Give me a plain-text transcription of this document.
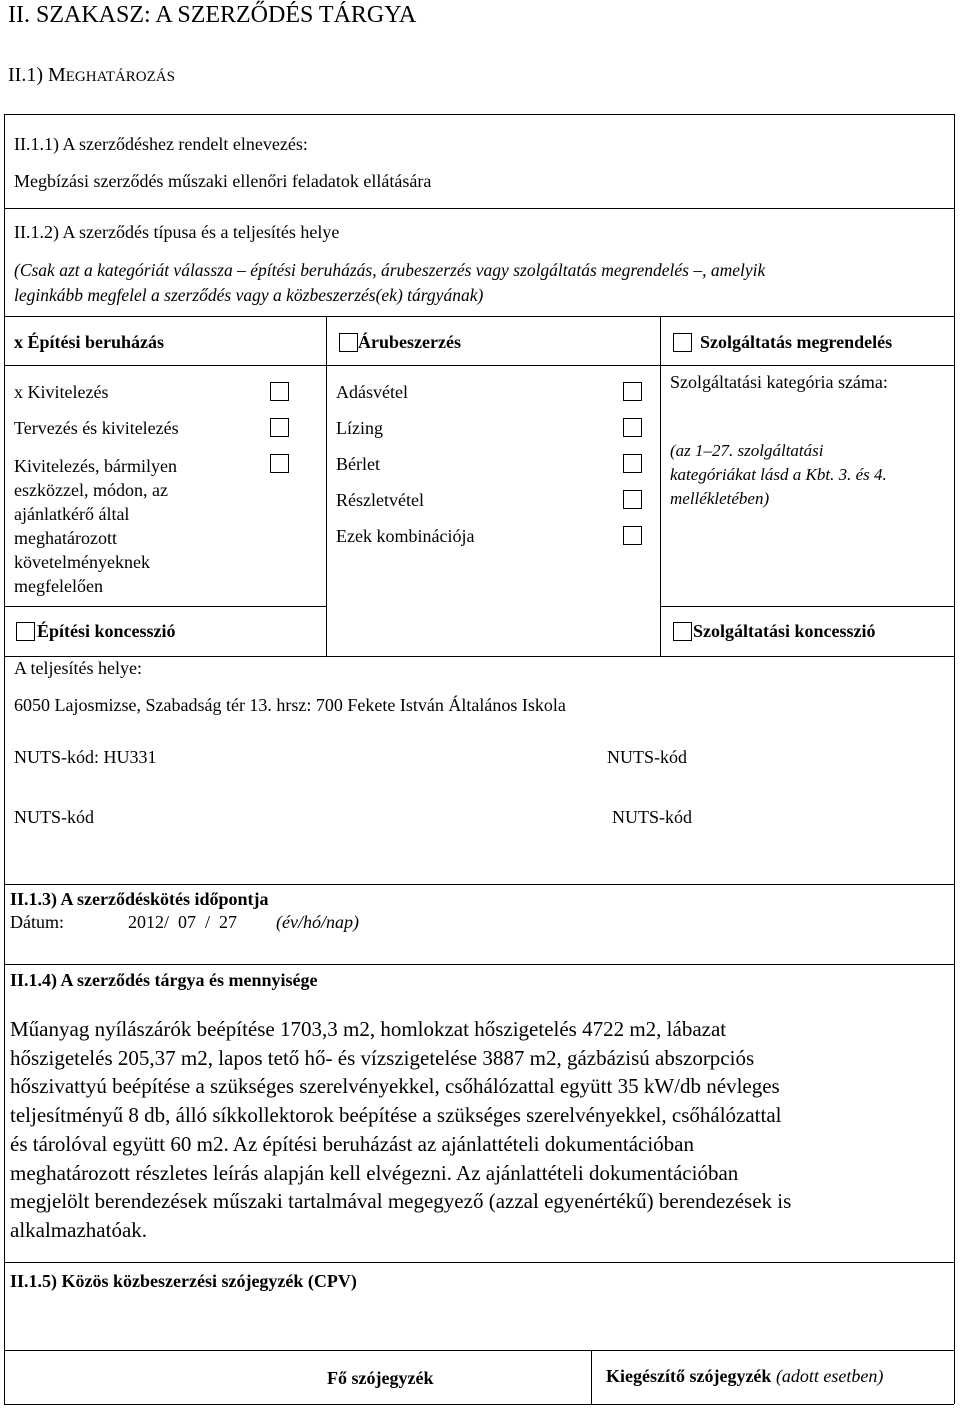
II. SZAKASZ: A SZERZŐDÉS TÁRGYA
II.1) MEGHATÁROZÁS
II.1.1) A szerződéshez rendelt elnevezés:
Megbízási szerződés műszaki ellenőri feladatok ellátására
II.1.2) A szerződés típusa és a teljesítés helye
(Csak azt a kategóriát válassza – építési beruházás, árubeszerzés vagy szolgáltatás megrendelés –, amelyik
leginkább megfelel a szerződés vagy a közbeszerzés(ek) tárgyának)
x Építési beruházás	Árubeszerzés	Szolgáltatás megrendelés
x Kivitelezés
Tervezés és kivitelezés
Kivitelezés, bármilyen
eszközzel, módon, az
ajánlatkérő által
meghatározott
követelményeknek
megfelelően
Adásvétel
Lízing
Bérlet
Részletvétel
Ezek kombinációja
Szolgáltatási kategória száma:
(az 1–27. szolgáltatási
kategóriákat lásd a Kbt. 3. és 4.
mellékletében)
Építési koncesszió	Szolgáltatási koncesszió
A teljesítés helye:
6050 Lajosmizse, Szabadság tér 13. hrsz: 700 Fekete István Általános Iskola
NUTS-kód: HU331	NUTS-kód
NUTS-kód	NUTS-kód
II.1.3) A szerződéskötés időpontja
Dátum:	2012/  07  /  27 (év/hó/nap)
II.1.4) A szerződés tárgya és mennyisége
Műanyag nyílászárók beépítése 1703,3 m2, homlokzat hőszigetelés 4722 m2, lábazat
hőszigetelés 205,37 m2, lapos tető hő- és vízszigetelése 3887 m2, gázbázisú abszorpciós
hőszivattyú beépítése a szükséges szerelvényekkel, csőhálózattal együtt 35 kW/db névleges
teljesítményű 8 db, álló síkkollektorok beépítése a szükséges szerelvényekkel, csőhálózattal
és tárolóval együtt 60 m2. Az építési beruházást az ajánlattételi dokumentációban
meghatározott részletes leírás alapján kell elvégezni. Az ajánlattételi dokumentációban
megjelölt berendezések műszaki tartalmával megegyező (azzal egyenértékű) berendezések is
alkalmazhatóak.
II.1.5) Közös közbeszerzési szójegyzék (CPV)
Fő szójegyzék	Kiegészítő szójegyzék (adott esetben)
